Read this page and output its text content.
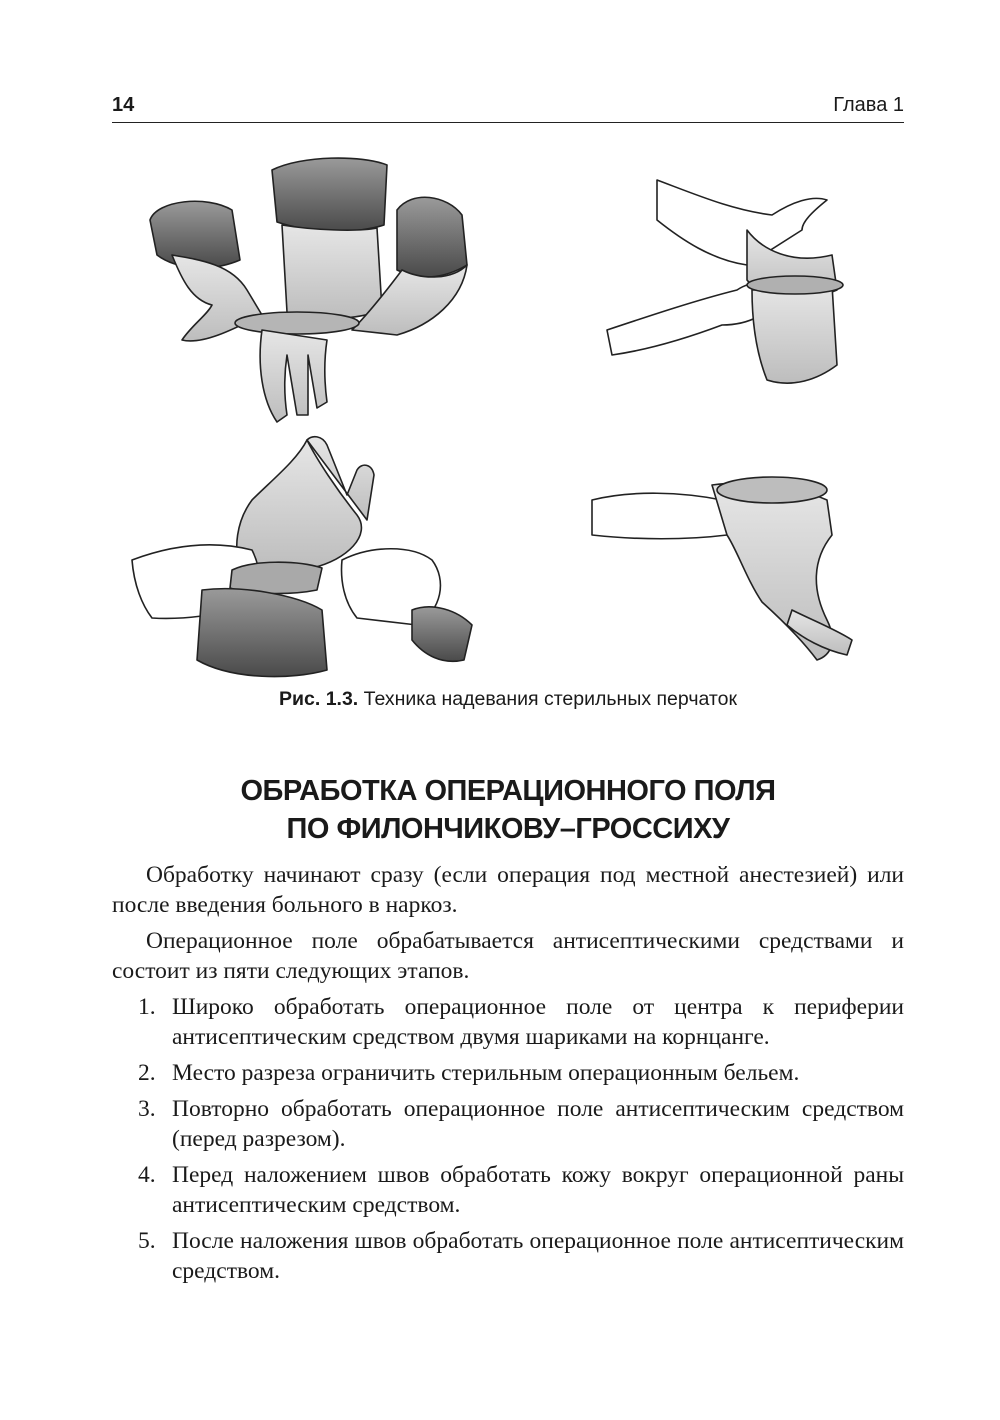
14	Глава 1
Рис. 1.3. Техника надевания стерильных перчаток
ОБРАБОТКА ОПЕРАЦИОННОГО ПОЛЯ
ПО ФИЛОНЧИКОВУ–ГРОССИХУ

Обработку начинают сразу (если операция под местной анестезией) или после введения больного в наркоз.

Операционное поле обрабатывается антисептическими средствами и состоит из пяти следующих этапов.

1. Широко обработать операционное поле от центра к периферии антисептическим средством двумя шариками на корнцанге.
2. Место разреза ограничить стерильным операционным бельем.
3. Повторно обработать операционное поле антисептическим средством (перед разрезом).
4. Перед наложением швов обработать кожу вокруг операционной раны антисептическим средством.
5. После наложения швов обработать операционное поле антисептическим средством.
